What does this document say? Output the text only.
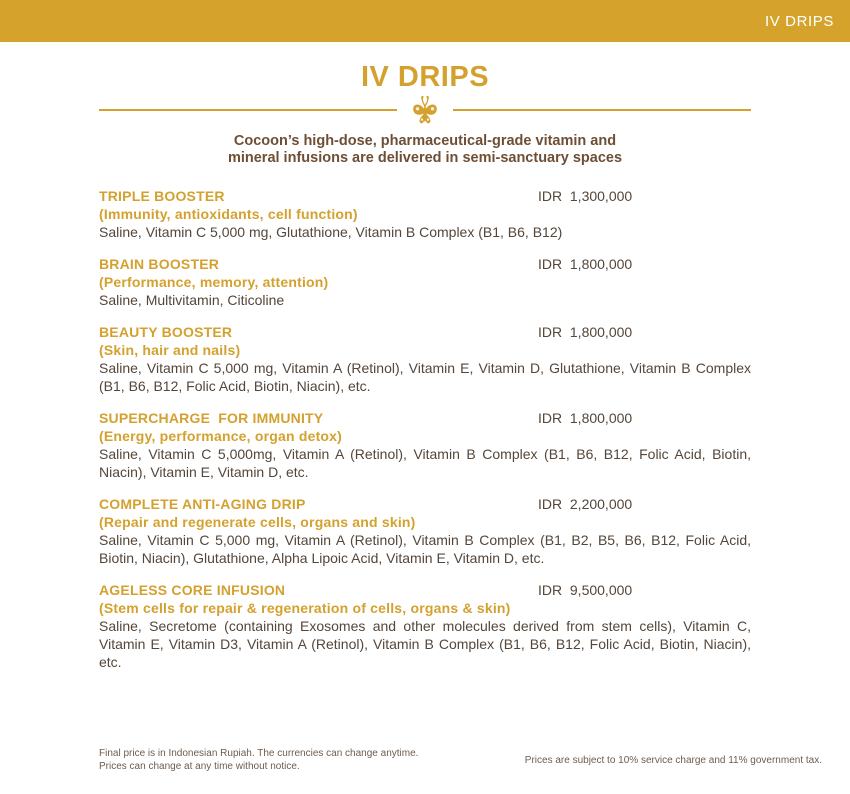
IV DRIPS
IV DRIPS
Cocoon’s high-dose, pharmaceutical-grade vitamin and
mineral infusions are delivered in semi-sanctuary spaces
TRIPLE BOOSTER	IDR  1,300,000
(Immunity, antioxidants, cell function)
Saline, Vitamin C 5,000 mg, Glutathione, Vitamin B Complex (B1, B6, B12)
BRAIN BOOSTER	IDR  1,800,000
(Performance, memory, attention)
Saline, Multivitamin, Citicoline
BEAUTY BOOSTER	IDR  1,800,000
(Skin, hair and nails)
Saline, Vitamin C 5,000 mg, Vitamin A (Retinol), Vitamin E, Vitamin D, Glutathione, Vitamin B Complex (B1, B6, B12, Folic Acid, Biotin, Niacin), etc.
SUPERCHARGE  FOR IMMUNITY	IDR  1,800,000
(Energy, performance, organ detox)
Saline, Vitamin C 5,000mg, Vitamin A (Retinol), Vitamin B Complex (B1, B6, B12, Folic Acid, Biotin, Niacin), Vitamin E, Vitamin D, etc.
COMPLETE ANTI-AGING DRIP	IDR  2,200,000
(Repair and regenerate cells, organs and skin)
Saline, Vitamin C 5,000 mg, Vitamin A (Retinol), Vitamin B Complex (B1, B2, B5, B6, B12, Folic Acid, Biotin, Niacin), Glutathione, Alpha Lipoic Acid, Vitamin E, Vitamin D, etc.
AGELESS CORE INFUSION	IDR  9,500,000
(Stem cells for repair & regeneration of cells, organs & skin)
Saline, Secretome (containing Exosomes and other molecules derived from stem cells), Vitamin C, Vitamin E, Vitamin D3, Vitamin A (Retinol), Vitamin B Complex (B1, B6, B12, Folic Acid, Biotin, Niacin), etc.
Final price is in Indonesian Rupiah. The currencies can change anytime.
Prices can change at any time without notice.
Prices are subject to 10% service charge and 11% government tax.
